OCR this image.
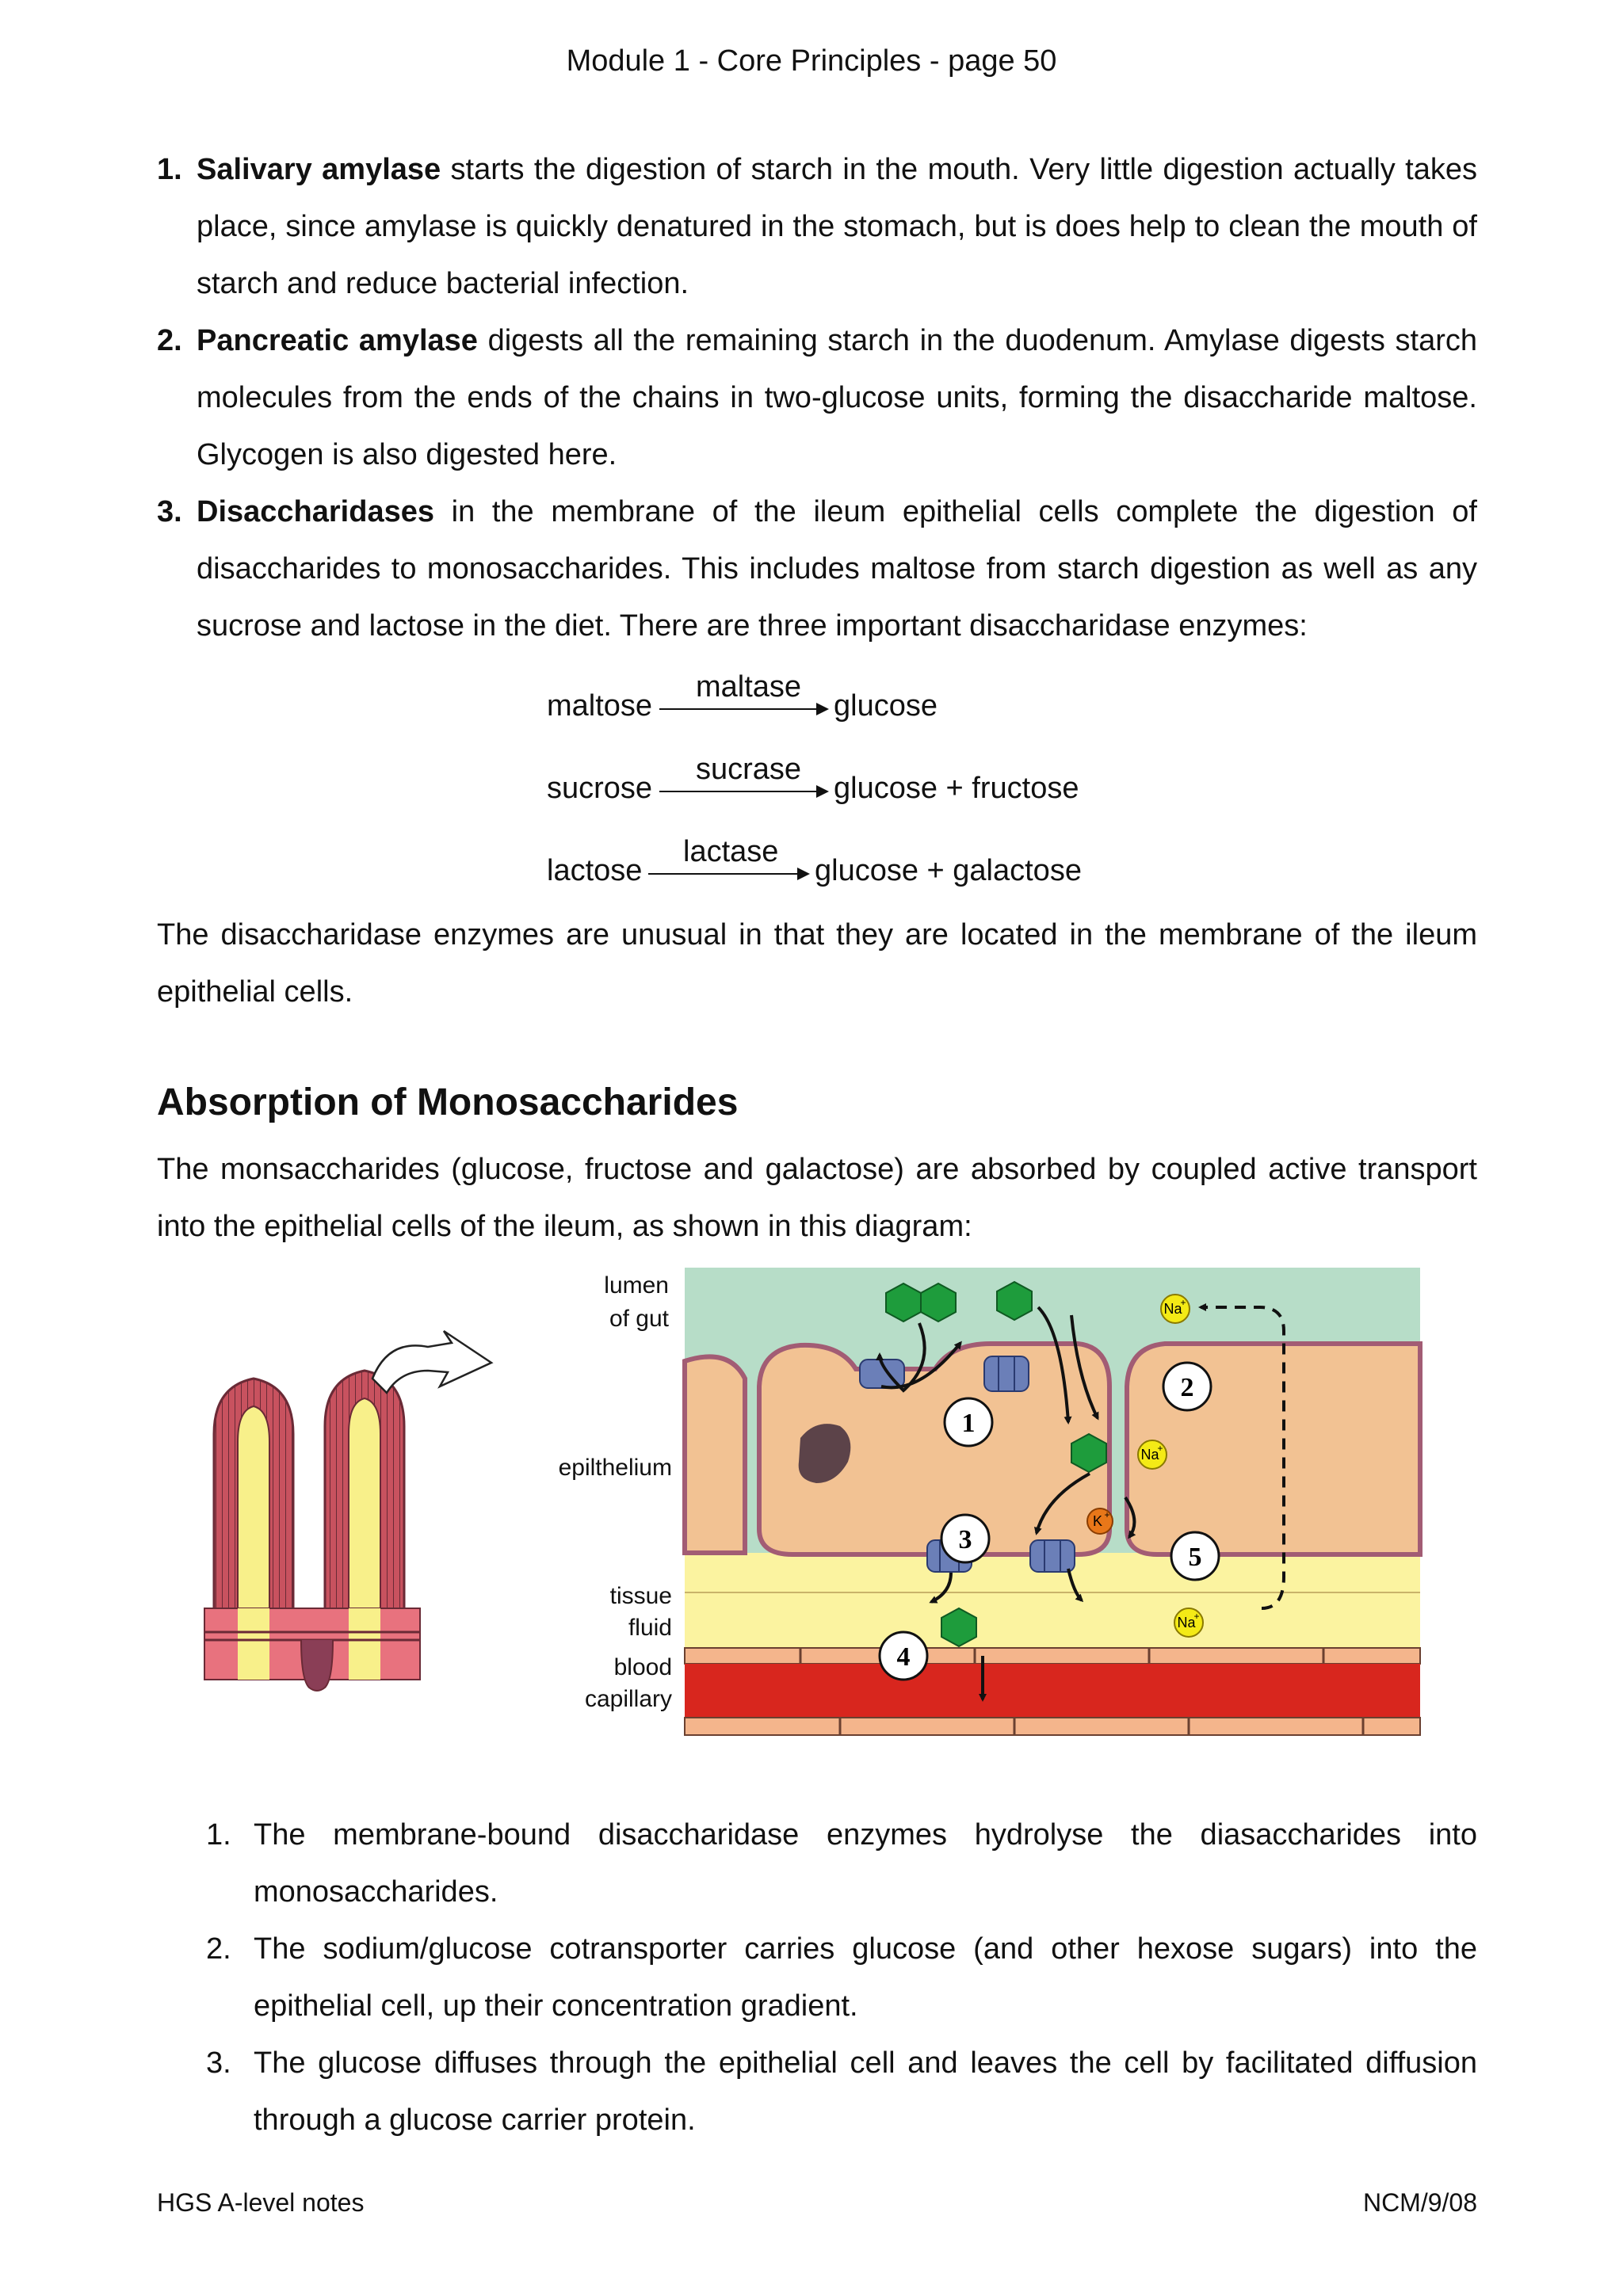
Module 1 - Core Principles - page 50
1. Salivary amylase starts the digestion of starch in the mouth. Very little digestion actually takes place, since amylase is quickly denatured in the stomach, but is does help to clean the mouth of starch and reduce bacterial infection.
2. Pancreatic amylase digests all the remaining starch in the duodenum. Amylase digests starch molecules from the ends of the chains in two-glucose units, forming the disaccharide maltose. Glycogen is also digested here.
3. Disaccharidases in the membrane of the ileum epithelial cells complete the digestion of disaccharides to monosaccharides. This includes maltose from starch digestion as well as any sucrose and lactose in the diet. There are three important disaccharidase enzymes:
maltose
maltase
glucose
sucrose
sucrase
glucose + fructose
lactose
lactase
glucose + galactose
The disaccharidase enzymes are unusual in that they are located in the membrane of the ileum epithelial cells.
Absorption of Monosaccharides
The monsaccharides (glucose, fructose and galactose) are absorbed by coupled active transport into the epithelial cells of the ileum, as shown in this diagram:
lumen
of gut
epilthelium
tissue
fluid
blood
capillary
Na
+
Na
+
K +
Na
+
1
2
3
4
5
1. The membrane-bound disaccharidase enzymes hydrolyse the diasaccharides into monosaccharides.
2. The sodium/glucose cotransporter carries glucose (and other hexose sugars) into the epithelial cell, up their concentration gradient.
3. The glucose diffuses through the epithelial cell and leaves the cell by facilitated diffusion through a glucose carrier protein.
HGS A-level notes	NCM/9/08
